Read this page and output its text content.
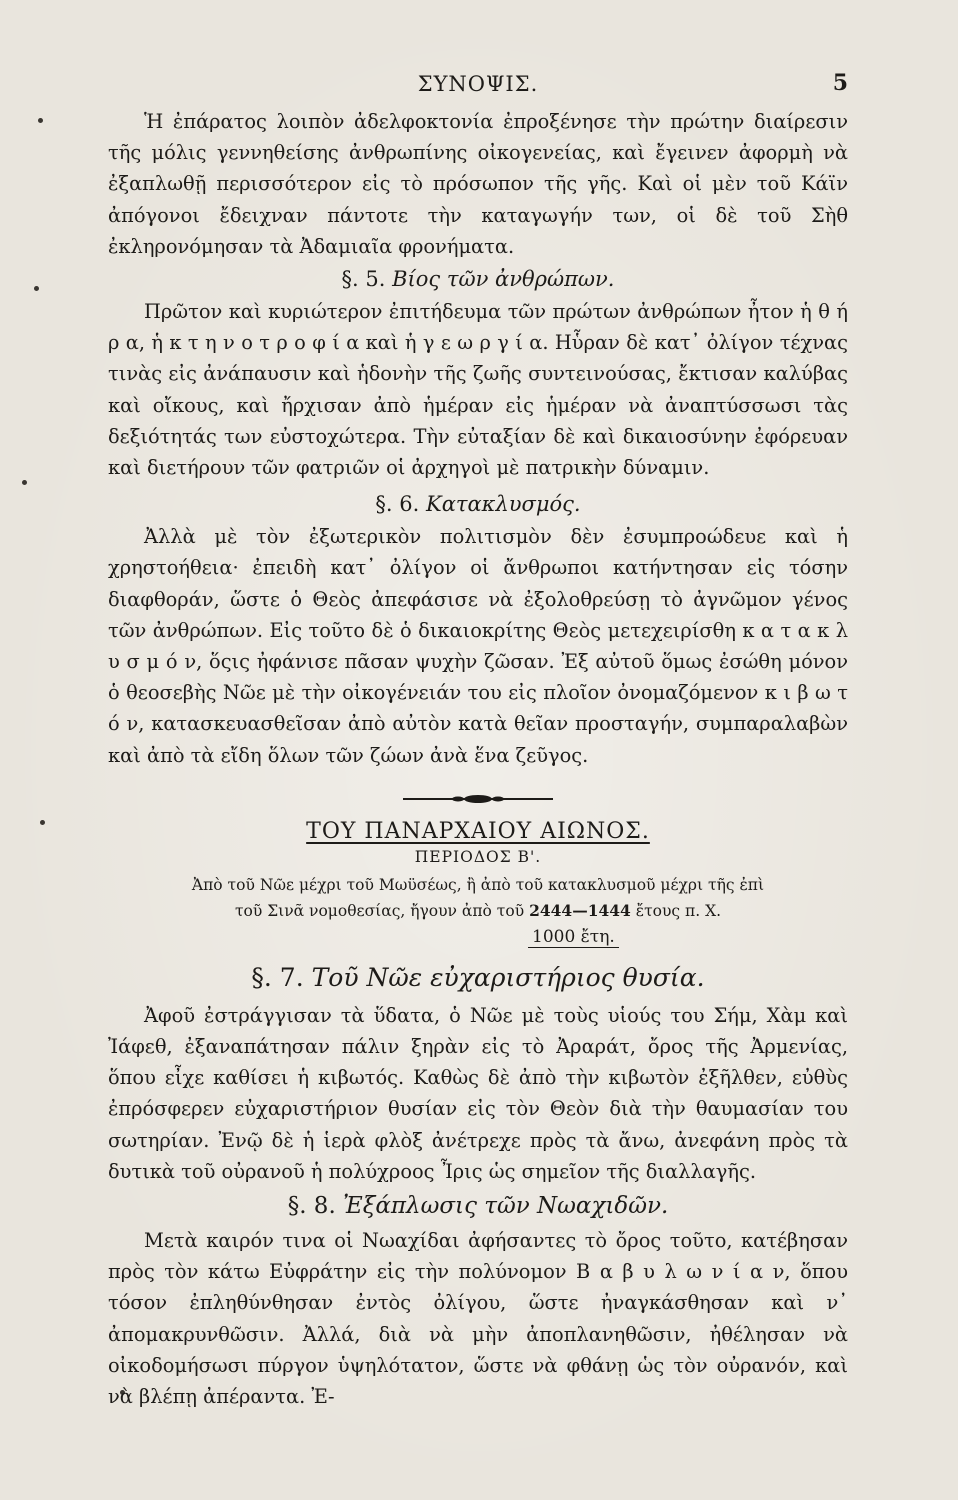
ΣΥΝΟΨΙΣ.	5

Ἡ ἐπάρατος λοιπὸν ἀδελφοκτονία ἐπροξένησε τὴν πρώτην διαίρεσιν τῆς μόλις γεννηθείσης ἀνθρωπίνης οἰκογενείας, καὶ ἔγεινεν ἀφορμὴ νὰ ἐξαπλωθῇ περισσότερον εἰς τὸ πρόσωπον τῆς γῆς. Καὶ οἱ μὲν τοῦ Κάϊν ἀπόγονοι ἔδειχναν πάντοτε τὴν καταγωγήν των, οἱ δὲ τοῦ Σὴθ ἐκληρονόμησαν τὰ Ἀδαμιαῖα φρονήματα.

§. 5. Βίος τῶν ἀνθρώπων.

Πρῶτον καὶ κυριώτερον ἐπιτήδευμα τῶν πρώτων ἀνθρώπων ἦτον ἡ θ ή ρ α, ἡ κ τ η ν ο τ ρ ο φ ί α καὶ ἡ γ ε ω ρ γ ί α. Ηὗραν δὲ κατ᾽ ὀλίγον τέχνας τινὰς εἰς ἀνάπαυσιν καὶ ἡδονὴν τῆς ζωῆς συντεινούσας, ἔκτισαν καλύβας καὶ οἴκους, καὶ ἤρχισαν ἀπὸ ἡμέραν εἰς ἡμέραν νὰ ἀναπτύσσωσι τὰς δεξιότητάς των εὐστοχώτερα. Τὴν εὐταξίαν δὲ καὶ δικαιοσύνην ἐφόρευαν καὶ διετήρουν τῶν φατριῶν οἱ ἀρχηγοὶ μὲ πατρικὴν δύναμιν.

§. 6. Κατακλυσμός.

Ἀλλὰ μὲ τὸν ἐξωτερικὸν πολιτισμὸν δὲν ἐσυμπροώδευε καὶ ἡ χρηστοήθεια· ἐπειδὴ κατ᾽ ὀλίγον οἱ ἄνθρωποι κατήντησαν εἰς τόσην διαφθοράν, ὥστε ὁ Θεὸς ἀπεφάσισε νὰ ἐξολοθρεύσῃ τὸ ἀγνῶμον γένος τῶν ἀνθρώπων. Εἰς τοῦτο δὲ ὁ δικαιοκρίτης Θεὸς μετεχειρίσθη κ α τ α κ λ υ σ μ ό ν, ὅςις ἠφάνισε πᾶσαν ψυχὴν ζῶσαν. Ἐξ αὐτοῦ ὅμως ἐσώθη μόνον ὁ θεοσεβὴς Νῶε μὲ τὴν οἰκογένειάν του εἰς πλοῖον ὀνομαζόμενον κ ι β ω τ ό ν, κατασκευασθεῖσαν ἀπὸ αὐτὸν κατὰ θεῖαν προσταγήν, συμπαραλαβὼν καὶ ἀπὸ τὰ εἴδη ὅλων τῶν ζώων ἀνὰ ἕνα ζεῦγος.

ΤΟΥ ΠΑΝΑΡΧΑΙΟΥ ΑΙΩΝΟΣ.
ΠΕΡΙΟΔΟΣ Β'.
Ἀπὸ τοῦ Νῶε μέχρι τοῦ Μωϋσέως, ἢ ἀπὸ τοῦ κατακλυσμοῦ μέχρι τῆς ἐπὶ
τοῦ Σινᾶ νομοθεσίας, ἤγουν ἀπὸ τοῦ 2444—1444 ἔτους π. Χ.
1000 ἔτη.
§. 7. Τοῦ Νῶε εὐχαριστήριος θυσία.

Ἀφοῦ ἐστράγγισαν τὰ ὕδατα, ὁ Νῶε μὲ τοὺς υἱούς του Σήμ, Χὰμ καὶ Ἰάφεθ, ἐξαναπάτησαν πάλιν ξηρὰν εἰς τὸ Ἀραράτ, ὄρος τῆς Ἀρμενίας, ὅπου εἶχε καθίσει ἡ κιβωτός. Καθὼς δὲ ἀπὸ τὴν κιβωτὸν ἐξῆλθεν, εὐθὺς ἐπρόσφερεν εὐχαριστήριον θυσίαν εἰς τὸν Θεὸν διὰ τὴν θαυμασίαν του σωτηρίαν. Ἐνῷ δὲ ἡ ἱερὰ φλὸξ ἀνέτρεχε πρὸς τὰ ἄνω, ἀνεφάνη πρὸς τὰ δυτικὰ τοῦ οὐρανοῦ ἡ πολύχροος Ἶρις ὡς σημεῖον τῆς διαλλαγῆς.

§. 8. Ἐξάπλωσις τῶν Νωαχιδῶν.

Μετὰ καιρόν τινα οἱ Νωαχίδαι ἀφήσαντες τὸ ὄρος τοῦτο, κατέβησαν πρὸς τὸν κάτω Εὐφράτην εἰς τὴν πολύνομον Β α β υ λ ω ν ί α ν, ὅπου τόσον ἐπληθύνθησαν ἐντὸς ὀλίγου, ὥστε ἠναγκάσθησαν καὶ ν᾽ ἀπομακρυνθῶσιν. Ἀλλά, διὰ νὰ μὴν ἀποπλανηθῶσιν, ἠθέλησαν νὰ οἰκοδομήσωσι πύργον ὑψηλότατον, ὥστε νὰ φθάνῃ ὡς τὸν οὐρανόν, καὶ νὰ βλέπῃ ἀπέραντα. Ἐ-
